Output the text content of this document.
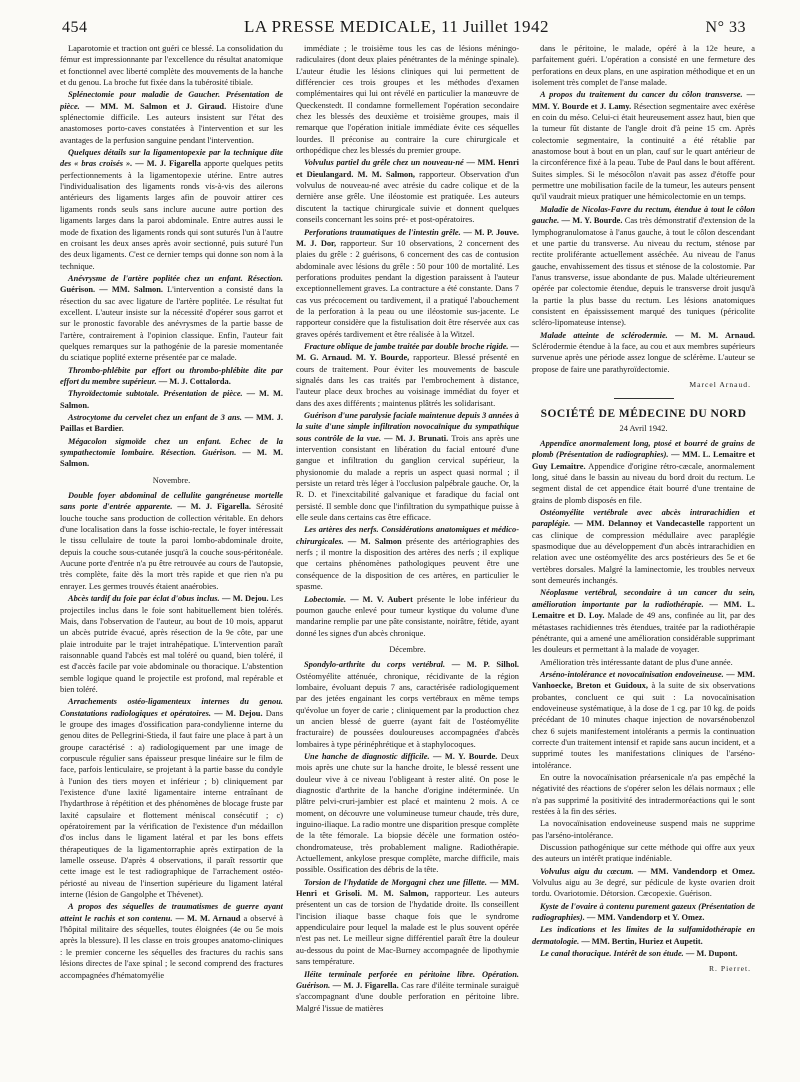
454	LA PRESSE MEDICALE, 11 Juillet 1942	N° 33

Laparotomie et traction ont guéri ce blessé. La consolidation du fémur est impressionnante par l'excellence du résultat anatomique et fonctionnel avec liberté complète des mouvements de la hanche et du genou. La broche fut fixée dans la tubérosité tibiale.

Splénectomie pour maladie de Gaucher. Présentation de pièce. — MM. M. Salmon et J. Giraud. Histoire d'une splénectomie difficile. Les auteurs insistent sur l'état des anastomoses porto-caves constatées à l'intervention et sur les avantages de la perfusion sanguine pendant l'intervention.

Quelques détails sur la ligamentopexie par la technique dite des « bras croisés ». — M. J. Figarella apporte quelques petits perfectionnements à la ligamentopexie utérine. Entre autres l'individualisation des ligaments ronds vis-à-vis des ailerons antérieurs des ligaments larges afin de pouvoir attirer ces ligaments ronds seuls sans inclure aucune autre portion des ligaments larges dans la paroi abdominale. Entre autres aussi le mode de fixation des ligaments ronds qui sont suturés l'un à l'autre en croisant les deux anses après avoir sectionné, puis suturé l'un des deux ligaments. C'est ce dernier temps qui donne son nom à la technique.

Anévrysme de l'artère poplitée chez un enfant. Résection. Guérison. — MM. Salmon. L'intervention a consisté dans la résection du sac avec ligature de l'artère poplitée. Le résultat fut excellent. L'auteur insiste sur la nécessité d'opérer sous garrot et sur le pronostic favorable des anévrysmes de la partie basse de l'artère, contrairement à l'opinion classique. Enfin, l'auteur fait quelques remarques sur la pathogénie de la paresie momentanée du sciatique poplité externe présentée par ce malade.

Thrombo-phlébite par effort ou thrombo-phlébite dite par effort du membre supérieur. — M. J. Cottalorda.

Thyroïdectomie subtotale. Présentation de pièce. — M. M. Salmon.

Astrocytome du cervelet chez un enfant de 3 ans. — MM. J. Paillas et Bardier.

Mégacolon sigmoïde chez un enfant. Echec de la sympathectomie lombaire. Résection. Guérison. — M. M. Salmon.

Novembre.

Double foyer abdominal de cellulite gangréneuse mortelle sans porte d'entrée apparente. — M. J. Figarella. Sérosité louche touche sans production de collection véritable. En dehors d'une localisation dans la fosse ischio-rectale, le foyer intéressait le tissu cellulaire de toute la paroi lombo-abdominale droite, depuis la couche sous-cutanée jusqu'à la couche sous-péritonéale. Aucune porte d'entrée n'a pu être retrouvée au cours de l'autopsie, très complète, faite dès la mort très rapide et que rien n'a pu enrayer. Les germes trouvés étaient anaérobies.

Abcès tardif du foie par éclat d'obus inclus. — M. Dejou. Les projectiles inclus dans le foie sont habituellement bien tolérés. Mais, dans l'observation de l'auteur, au bout de 10 mois, apparut un abcès putride évacué, après résection de la 9e côte, par une plaie introduite par le trajet intrahépatique. L'intervention paraît raisonnable quand l'abcès est mal toléré ou quand, bien toléré, il est d'accès facile par voie abdominale ou thoracique. L'abstention semble logique quand le projectile est profond, mal repérable et bien toléré.

Arrachements ostéo-ligamenteux internes du genou. Constatations radiologiques et opératoires. — M. Dejou. Dans le groupe des images d'ossification para-condylienne interne du genou dites de Pellegrini-Stieda, il faut faire une place à part à un groupe caractérisé : a) radiologiquement par une image de corpuscule régulier sans épaisseur presque linéaire sur le film de face, parfois lenticulaire, se projetant à la partie basse du condyle à l'union des tiers moyen et inférieur ; b) cliniquement par l'existence d'une laxité ligamentaire interne entraînant de l'hydarthrose à répétition et des phénomènes de blocage fruste par laxité capsulaire et flottement méniscal consécutif ; c) opératoirement par la vérification de l'existence d'un médaillon d'os inclus dans le ligament latéral et par les bons effets thérapeutiques de la ligamentorraphie après extirpation de la lamelle osseuse. D'après 4 observations, il paraît ressortir que cette image est le test radiographique de l'arrachement ostéo-périosté au niveau de l'insertion supérieure du ligament latéral interne (lésion de Gangolphe et Thévenet).

A propos des séquelles de traumatismes de guerre ayant atteint le rachis et son contenu. — M. M. Arnaud a observé à l'hôpital militaire des séquelles, toutes éloignées (4e ou 5e mois après la blessure). Il les classe en trois groupes anatomo-cliniques : le premier concerne les séquelles des fractures du rachis sans lésions directes de l'axe spinal ; le second comprend des fractures accompagnées d'hématomyélie

immédiate ; le troisième tous les cas de lésions méningo-radiculaires (dont deux plaies pénétrantes de la méninge spinale). L'auteur étudie les lésions cliniques qui lui permettent de différencier ces trois groupes et les méthodes d'examen complémentaires qui lui ont révélé en particulier la manœuvre de Queckenstedt. Il condamne formellement l'opération secondaire chez les blessés des deuxième et troisième groupes, mais il remarque que l'opération initiale immédiate évite ces séquelles lourdes. Il préconise au contraire la cure chirurgicale et orthopédique chez les blessés du premier groupe.

Volvulus partiel du grêle chez un nouveau-né — MM. Henri et Dieulangard. M. M. Salmon, rapporteur. Observation d'un volvulus de nouveau-né avec atrésie du cadre colique et de la dernière anse grêle. Une iléostomie est pratiquée. Les auteurs discutent la tactique chirurgicale suivie et donnent quelques conseils concernant les soins pré- et post-opératoires.

Perforations traumatiques de l'intestin grêle. — M. P. Jouve. M. J. Dor, rapporteur. Sur 10 observations, 2 concernent des plaies du grêle : 2 guérisons, 6 concernent des cas de contusion abdominale avec lésions du grêle : 50 pour 100 de mortalité. Les perforations produites pendant la digestion paraissent à l'auteur exceptionnellement graves. La contracture a été constante. Dans 7 cas vus précocement ou tardivement, il a pratiqué l'abouchement de la perforation à la peau ou une iléostomie sus-jacente. Le rapporteur considère que la fistulisation doit être réservée aux cas graves opérés tardivement et être réalisée à la Witzel.

Fracture oblique de jambe traitée par double broche rigide. — M. G. Arnaud. M. Y. Bourde, rapporteur. Blessé présenté en cours de traitement. Pour éviter les mouvements de bascule signalés dans les cas traités par l'embrochement à distance, l'auteur place deux broches au voisinage immédiat du foyer et dans des axes différents ; maintenus plâtrés les solidarisant.

Guérison d'une paralysie faciale maintenue depuis 3 années à la suite d'une simple infiltration novocaïnique du sympathique sous contrôle de la vue. — M. J. Brunati. Trois ans après une intervention consistant en libération du facial entouré d'une gangue et infiltration du ganglion cervical supérieur, la physionomie du malade a repris un aspect quasi normal ; il persiste un retard très léger à l'occlusion palpébrale gauche. Or, la R. D. et l'inexcitabilité galvanique et faradique du facial ont persisté. Il semble donc que l'infiltration du sympathique puisse à elle seule dans certains cas être efficace.

Les artères des nerfs. Considérations anatomiques et médico-chirurgicales. — M. Salmon présente des artériographies des nerfs ; il montre la disposition des artères des nerfs ; il explique que certains phénomènes pathologiques peuvent être une conséquence de la disposition de ces artères, en particulier le spasme.

Lobectomie. — M. V. Aubert présente le lobe inférieur du poumon gauche enlevé pour tumeur kystique du volume d'une mandarine remplie par une pâte consistante, noirâtre, fétide, ayant donné les signes d'un abcès chronique.

Décembre.

Spondylo-arthrite du corps vertébral. — M. P. Silhol. Ostéomyélite atténuée, chronique, récidivante de la région lombaire, évoluant depuis 7 ans, caractérisée radiologiquement par des jetées engainant les corps vertébraux en même temps qu'évolue un foyer de carie ; cliniquement par la production chez un ancien blessé de guerre (ayant fait de l'ostéomyélite fracturaire) de poussées douloureuses accompagnées d'abcès lombaires à type périnéphrétique et à staphylocoques.

Une hanche de diagnostic difficile. — M. Y. Bourde. Deux mois après une chute sur la hanche droite, le blessé ressent une douleur vive à ce niveau l'obligeant à rester alité. On pose le diagnostic d'arthrite de la hanche d'origine indéterminée. Un plâtre pelvi-cruri-jambier est placé et maintenu 2 mois. A ce moment, on découvre une volumineuse tumeur chaude, très dure, inguino-iliaque. La radio montre une disparition presque complète de la tête fémorale. La biopsie décèle une formation ostéo-chondromateuse, très probablement maligne. Radiothérapie. Actuellement, ankylose presque complète, marche difficile, mais possible. Ossification des débris de la tête.

Torsion de l'hydatide de Morgagni chez une fillette. — MM. Henri et Grisoli. M. M. Salmon, rapporteur. Les auteurs présentent un cas de torsion de l'hydatide droite. Ils conseillent l'incision iliaque basse chaque fois que le syndrome appendiculaire pour lequel la malade est le plus souvent opérée n'est pas net. Le meilleur signe différentiel paraît être la douleur au-dessous du point de Mac-Burney accompagnée de lipothymie sans température.

Iléite terminale perforée en péritoine libre. Opération. Guérison. — M. J. Figarella. Cas rare d'iléite terminale suraiguë s'accompagnant d'une double perforation en péritoine libre. Malgré l'issue de matières

dans le péritoine, le malade, opéré à la 12e heure, a parfaitement guéri. L'opération a consisté en une fermeture des perforations en deux plans, en une aspiration méthodique et en un isolement très complet de l'anse malade.

A propos du traitement du cancer du côlon transverse. — MM. Y. Bourde et J. Lamy. Résection segmentaire avec exérèse en coin du méso. Celui-ci était heureusement assez haut, bien que la tumeur fût distante de l'angle droit d'à peine 15 cm. Après colectomie segmentaire, la continuité a été rétablie par anastomose bout à bout en un plan, cauf sur le quart antérieur de la circonférence fixé à la peau. Tube de Paul dans le bout afférent. Suites simples. Si le mésocôlon n'avait pas assez d'étoffe pour permettre une mobilisation facile de la tumeur, les auteurs pensent qu'il vaudrait mieux pratiquer une hémicolectomie en un temps.

Maladie de Nicolas-Favre du rectum, étendue à tout le côlon gauche. — M. Y. Bourde. Cas très démonstratif d'extension de la lymphogranulomatose à l'anus gauche, à tout le côlon descendant et une partie du transverse. Au niveau du rectum, sténose par rectite proliférante actuellement asséchée. Au niveau de l'anus gauche, envahissement des tissus et sténose de la colostomie. Par l'anus transverse, issue abondante de pus. Malade ultérieurement opérée par colectomie étendue, depuis le transverse droit jusqu'à la partie la plus basse du rectum. Les lésions anatomiques consistent en épaississement marqué des tuniques (péricolite scléro-lipomateuse intense).

Malade atteinte de sclérodermie. — M. M. Arnaud. Sclérodermie étendue à la face, au cou et aux membres supérieurs survenue après une période assez longue de sclérème. L'auteur se propose de faire une parathyroïdectomie.

Marcel Arnaud.
SOCIÉTÉ DE MÉDECINE DU NORD
24 Avril 1942.

Appendice anormalement long, ptosé et bourré de grains de plomb (Présentation de radiographies). — MM. L. Lemaitre et Guy Lemaitre. Appendice d'origine rétro-cæcale, anormalement long, situé dans le bassin au niveau du bord droit du rectum. Le segment distal de cet appendice était bourré d'une trentaine de grains de plomb disposés en file.

Ostéomyélite vertébrale avec abcès intrarachidien et paraplégie. — MM. Delannoy et Vandecastelle rapportent un cas clinique de compression médullaire avec paraplégie spasmodique due au développement d'un abcès intrarachidien en relation avec une ostéomyélite des arcs postérieurs des 5e et 6e vertèbres dorsales. Malgré la laminectomie, les troubles nerveux sont demeurés inchangés.

Néoplasme vertébral, secondaire à un cancer du sein, amélioration importante par la radiothérapie. — MM. L. Lemaitre et D. Loy. Malade de 49 ans, confinée au lit, par des métastases rachidiennes très étendues, traitée par la radiothérapie pénétrante, qui a amené une amélioration considérable supprimant les douleurs et permettant à la malade de voyager.

Amélioration très intéressante datant de plus d'une année.

Arséno-intolérance et novocaïnisation endoveineuse. — MM. Vanhoecke, Breton et Guidoux, à la suite de six observations probantes, concluent ce qui suit : La novocaïnisation endoveineuse systématique, à la dose de 1 cg. par 10 kg. de poids précédant de 10 minutes chaque injection de novarsénobenzol chez 6 sujets manifestement intolérants a permis la continuation correcte d'un traitement intensif et rapide sans aucun incident, et a supprimé toutes les manifestations cliniques de l'arséno-intolérance.

En outre la novocaïnisation préarsenicale n'a pas empêché la négativité des réactions de s'opérer selon les délais normaux ; elle n'a pas supprimé la positivité des intradermoréactions qui le sont restées à la fin des séries.

La novocaïnisation endoveineuse suspend mais ne supprime pas l'arséno-intolérance.

Discussion pathogénique sur cette méthode qui offre aux yeux des auteurs un intérêt pratique indéniable.

Volvulus aigu du cæcum. — MM. Vandendorp et Omez. Volvulus aigu au 3e degré, sur pédicule de kyste ovarien droit tordu. Ovariotomie. Détorsion. Cæcopexie. Guérison.

Kyste de l'ovaire à contenu purement gazeux (Présentation de radiographies). — MM. Vandendorp et Y. Omez.

Les indications et les limites de la sulfamidothérapie en dermatologie. — MM. Bertin, Huriez et Aupetit.

Le canal thoracique. Intérêt de son étude. — M. Dupont.

R. Pierret.
